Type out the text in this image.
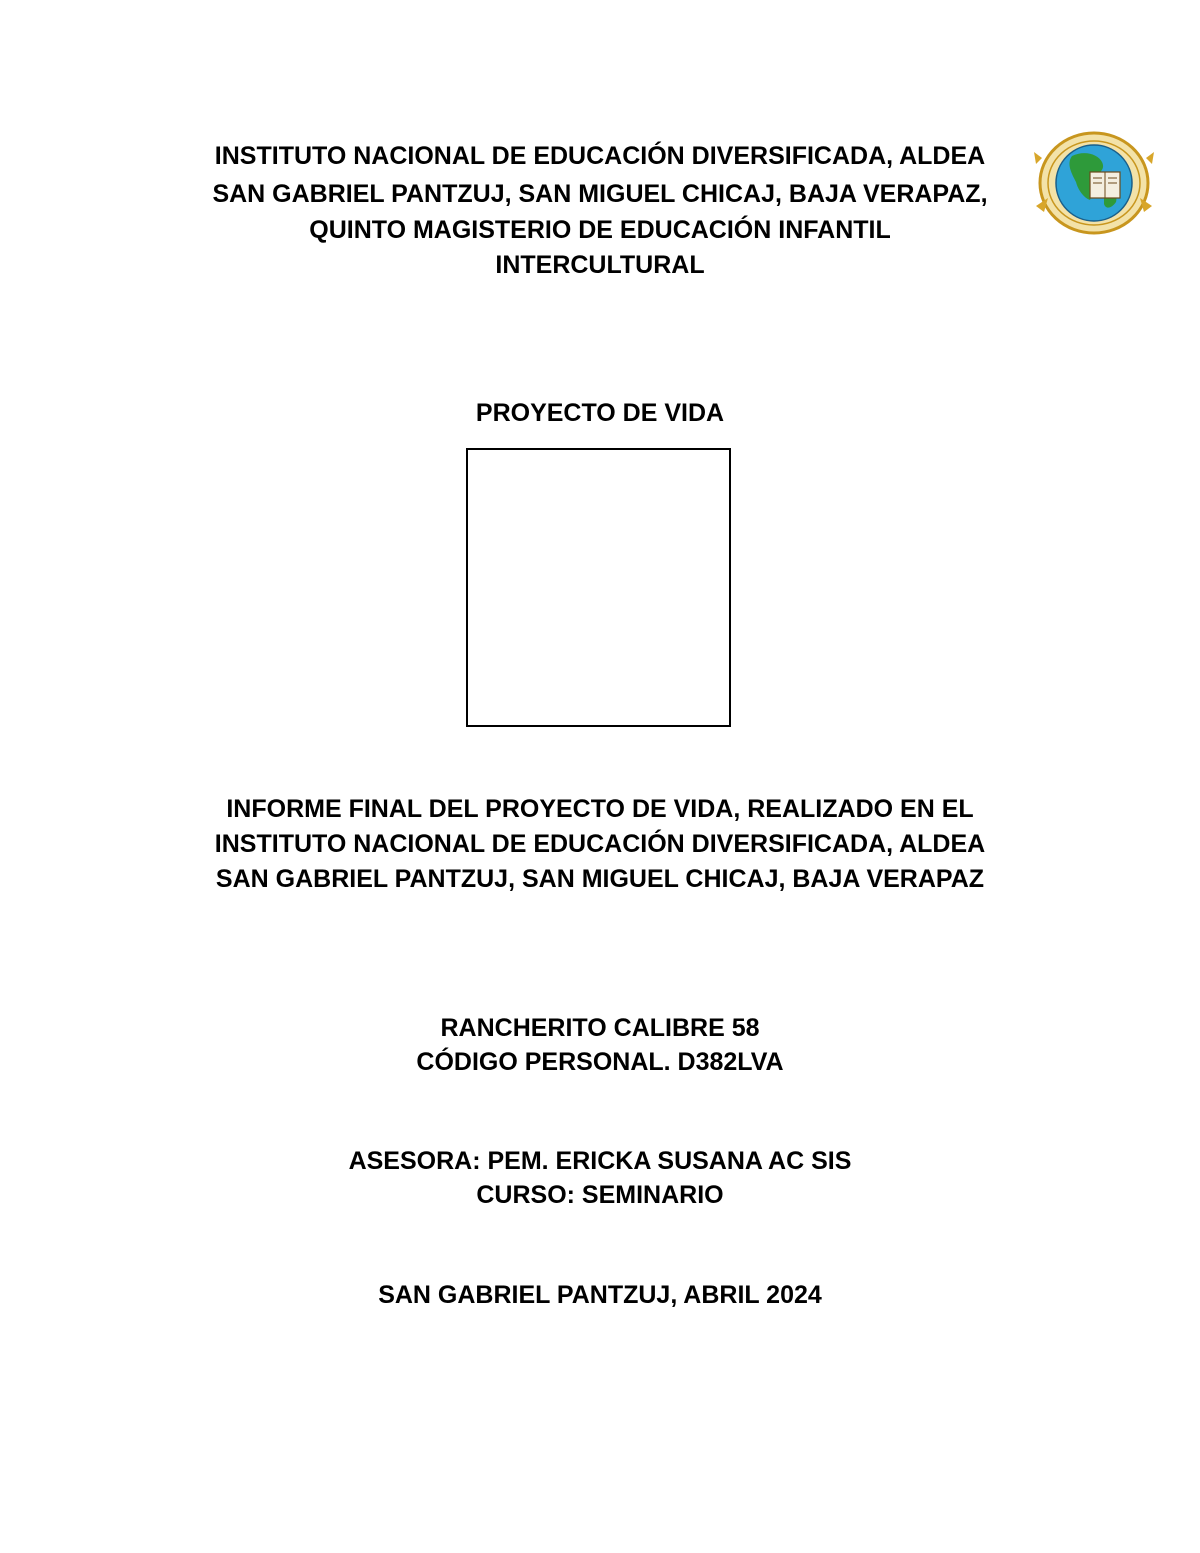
INSTITUTO NACIONAL DE EDUCACIÓN DIVERSIFICADA, ALDEA
SAN GABRIEL PANTZUJ, SAN MIGUEL CHICAJ, BAJA VERAPAZ,
QUINTO MAGISTERIO DE EDUCACIÓN INFANTIL
INTERCULTURAL
PROYECTO DE VIDA
INFORME FINAL DEL PROYECTO DE VIDA, REALIZADO EN EL
INSTITUTO NACIONAL DE EDUCACIÓN DIVERSIFICADA, ALDEA
SAN GABRIEL PANTZUJ, SAN MIGUEL CHICAJ, BAJA VERAPAZ
RANCHERITO CALIBRE 58
CÓDIGO PERSONAL. D382LVA
ASESORA: PEM. ERICKA SUSANA AC SIS
CURSO: SEMINARIO
SAN GABRIEL PANTZUJ, ABRIL 2024
